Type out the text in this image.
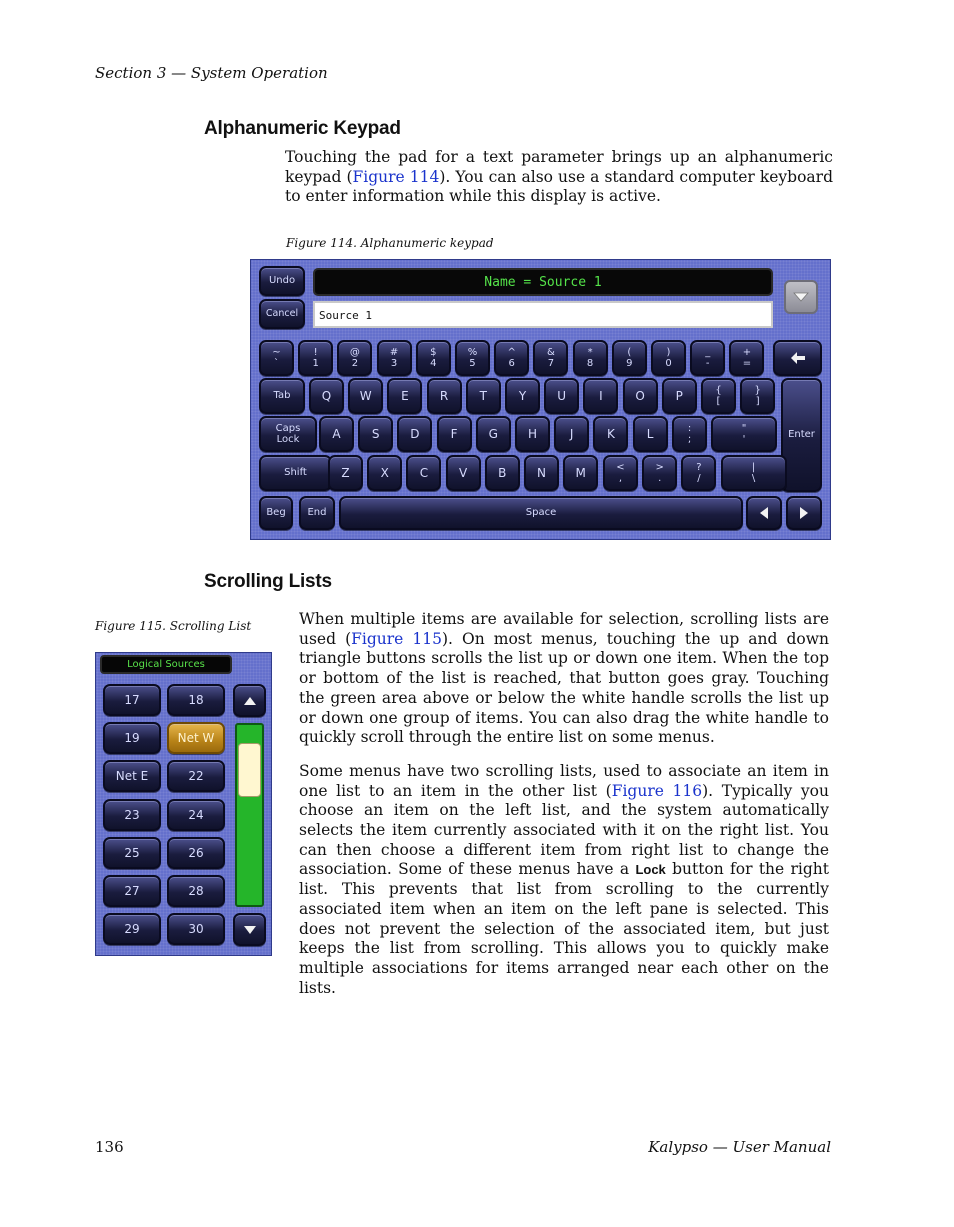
Section 3 — System Operation
Alphanumeric Keypad

Touching the pad for a text parameter brings up an alphanumeric keypad (Figure 114). You can also use a standard computer keyboard to enter information while this display is active.

Figure 114. Alphanumeric keypad
Undo
Cancel
Name = Source 1
Source 1
~
`
!
1
@
2
#
3
$
4
%
5
^
6
&
7
*
8
(
9
)
0
_
-
+
=
Tab	Q W E	R	T	Y	U	I	O	P	{
[
}
]
Enter
Caps
Lock	A	S	D	F	G	H	J	K	L	:
;
"
'
Shift	Z	X	C	V	B	N M	<
,
>
.
?
/
|
\
Beg	End	Space
Scrolling Lists
Figure 115. Scrolling List	When multiple items are available for selection, scrolling lists are used (Figure 115). On most menus, touching the up and down triangle buttons scrolls the list up or down one item. When the top or bottom of the list is reached, that button goes gray. Touching the green area above or below the white handle scrolls the list up or down one group of items. You can also drag the white handle to quickly scroll through the entire list on some menus.

Some menus have two scrolling lists, used to associate an item in one list to an item in the other list (Figure 116). Typically you choose an item on the left list, and the system automatically selects the item currently associated with it on the right list. You can then choose a different item from right list to change the association. Some of these menus have a Lock button for the right list. This prevents that list from scrolling to the currently associated item when an item on the left pane is selected. This does not prevent the selection of the associated item, but just keeps the list from scrolling. This allows you to quickly make multiple associations for items arranged near each other on the lists.

Logical Sources
17	18
19	Net W
Net E	22
23	24
25	26
27	28
29	30
136	Kalypso — User Manual
